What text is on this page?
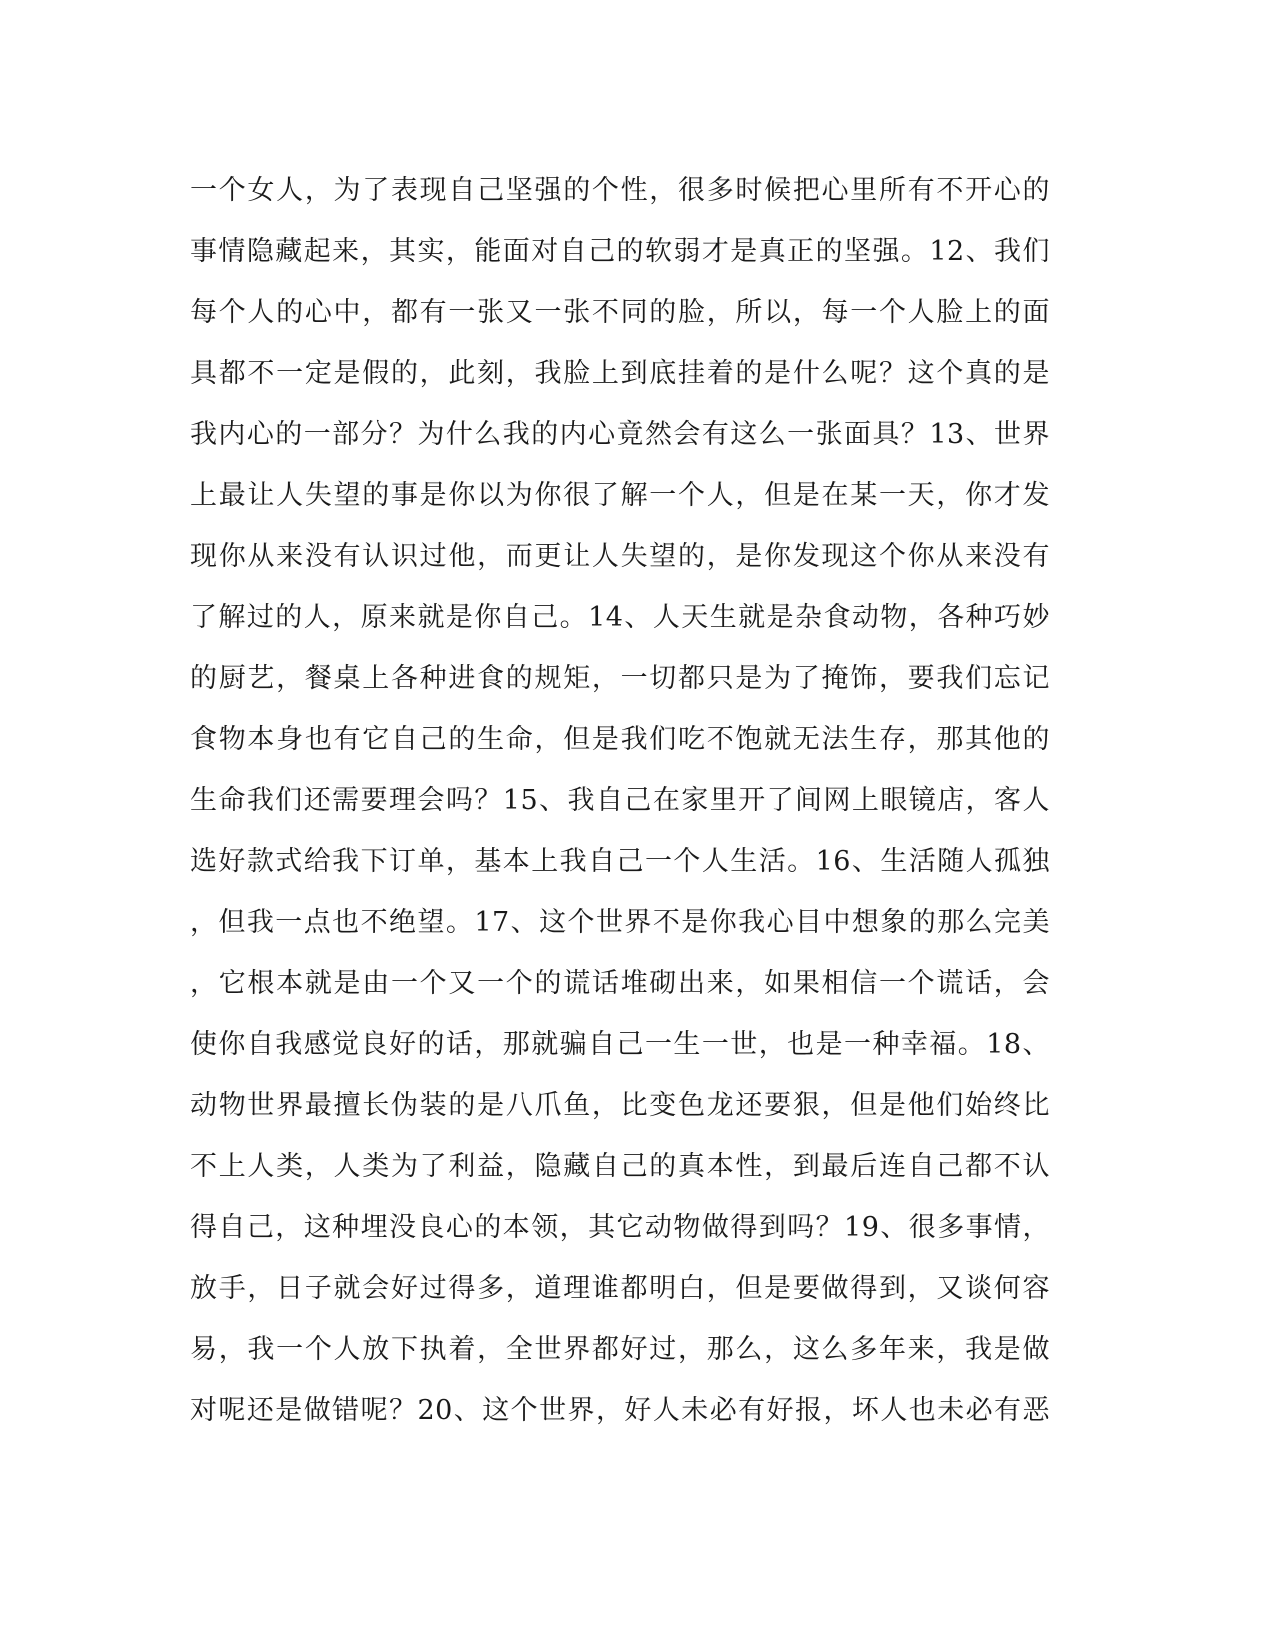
一个女人，为了表现自己坚强的个性，很多时候把心里所有不开心的
事情隐藏起来，其实，能面对自己的软弱才是真正的坚强。12、我们
每个人的心中，都有一张又一张不同的脸，所以，每一个人脸上的面
具都不一定是假的，此刻，我脸上到底挂着的是什么呢？这个真的是
我内心的一部分？为什么我的内心竟然会有这么一张面具？13、世界
上最让人失望的事是你以为你很了解一个人，但是在某一天，你才发
现你从来没有认识过他，而更让人失望的，是你发现这个你从来没有
了解过的人，原来就是你自己。14、人天生就是杂食动物，各种巧妙
的厨艺，餐桌上各种进食的规矩，一切都只是为了掩饰，要我们忘记
食物本身也有它自己的生命，但是我们吃不饱就无法生存，那其他的
生命我们还需要理会吗？15、我自己在家里开了间网上眼镜店，客人
选好款式给我下订单，基本上我自己一个人生活。16、生活随人孤独
，但我一点也不绝望。17、这个世界不是你我心目中想象的那么完美
，它根本就是由一个又一个的谎话堆砌出来，如果相信一个谎话，会
使你自我感觉良好的话，那就骗自己一生一世，也是一种幸福。18、
动物世界最擅长伪装的是八爪鱼，比变色龙还要狠，但是他们始终比
不上人类，人类为了利益，隐藏自己的真本性，到最后连自己都不认
得自己，这种埋没良心的本领，其它动物做得到吗？19、很多事情，
放手，日子就会好过得多，道理谁都明白，但是要做得到，又谈何容
易，我一个人放下执着，全世界都好过，那么，这么多年来，我是做
对呢还是做错呢？20、这个世界，好人未必有好报，坏人也未必有恶
